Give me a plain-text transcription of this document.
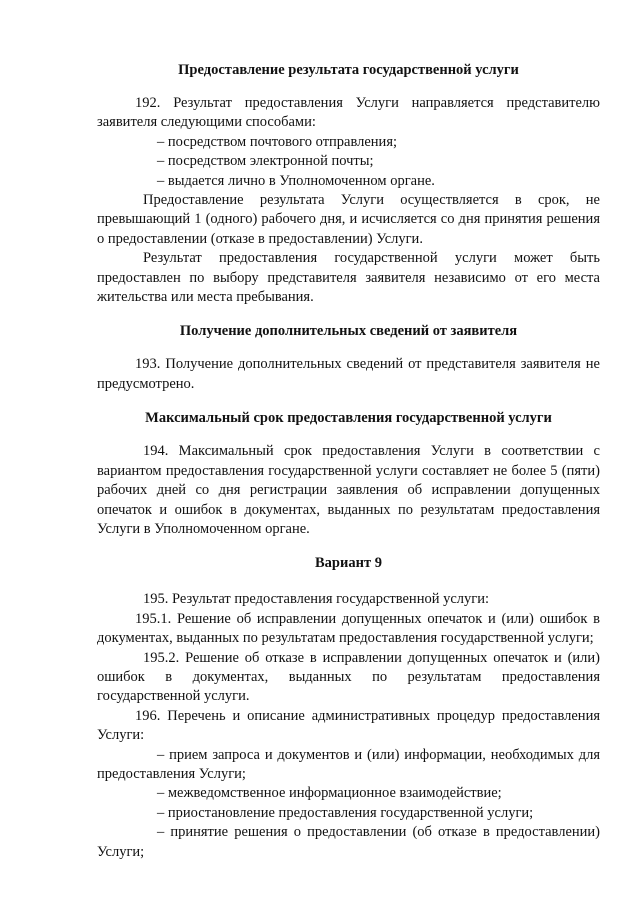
Предоставление результата государственной услуги

192. Результат предоставления Услуги направляется представителю заявителя следующими способами:

– посредством почтового отправления;

– посредством электронной почты;

– выдается лично в Уполномоченном органе.

Предоставление результата Услуги осуществляется в срок, не превышающий 1 (одного) рабочего дня, и исчисляется со дня принятия решения о предоставлении (отказе в предоставлении) Услуги.

Результат предоставления государственной услуги может быть предоставлен по выбору представителя заявителя независимо от его места жительства или места пребывания.

Получение дополнительных сведений от заявителя

193. Получение дополнительных сведений от представителя заявителя не предусмотрено.

Максимальный срок предоставления государственной услуги

194. Максимальный срок предоставления Услуги в соответствии с вариантом предоставления государственной услуги составляет не более 5 (пяти) рабочих дней со дня регистрации заявления об исправлении допущенных опечаток и ошибок в документах, выданных по результатам предоставления Услуги в Уполномоченном органе.

Вариант 9

195. Результат предоставления государственной услуги:

195.1. Решение об исправлении допущенных опечаток и (или) ошибок в документах, выданных по результатам предоставления государственной услуги;

195.2. Решение об отказе в исправлении допущенных опечаток и (или) ошибок в документах, выданных по результатам предоставления государственной услуги.

196. Перечень и описание административных процедур предоставления Услуги:

– прием запроса и документов и (или) информации, необходимых для предоставления Услуги;

– межведомственное информационное взаимодействие;

– приостановление предоставления государственной услуги;

– принятие решения о предоставлении (об отказе в предоставлении) Услуги;
